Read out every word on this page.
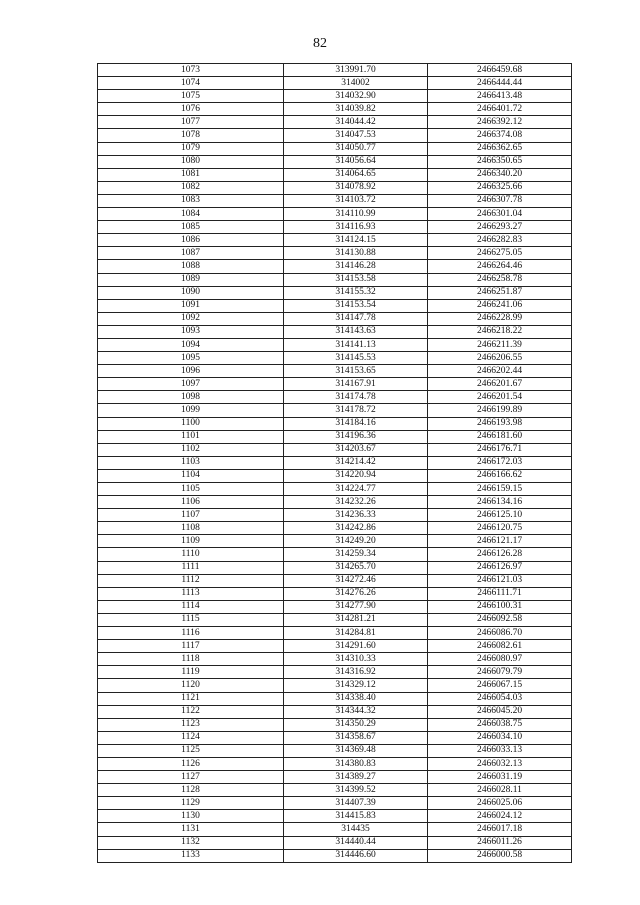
82
1073	313991.70	2466459.68
1074	314002	2466444.44
1075	314032.90	2466413.48
1076	314039.82	2466401.72
1077	314044.42	2466392.12
1078	314047.53	2466374.08
1079	314050.77	2466362.65
1080	314056.64	2466350.65
1081	314064.65	2466340.20
1082	314078.92	2466325.66
1083	314103.72	2466307.78
1084	314110.99	2466301.04
1085	314116.93	2466293.27
1086	314124.15	2466282.83
1087	314130.88	2466275.05
1088	314146.28	2466264.46
1089	314153.58	2466258.78
1090	314155.32	2466251.87
1091	314153.54	2466241.06
1092	314147.78	2466228.99
1093	314143.63	2466218.22
1094	314141.13	2466211.39
1095	314145.53	2466206.55
1096	314153.65	2466202.44
1097	314167.91	2466201.67
1098	314174.78	2466201.54
1099	314178.72	2466199.89
1100	314184.16	2466193.98
1101	314196.36	2466181.60
1102	314203.67	2466176.71
1103	314214.42	2466172.03
1104	314220.94	2466166.62
1105	314224.77	2466159.15
1106	314232.26	2466134.16
1107	314236.33	2466125.10
1108	314242.86	2466120.75
1109	314249.20	2466121.17
1110	314259.34	2466126.28
1111	314265.70	2466126.97
1112	314272.46	2466121.03
1113	314276.26	2466111.71
1114	314277.90	2466100.31
1115	314281.21	2466092.58
1116	314284.81	2466086.70
1117	314291.60	2466082.61
1118	314310.33	2466080.97
1119	314316.92	2466079.79
1120	314329.12	2466067.15
1121	314338.40	2466054.03
1122	314344.32	2466045.20
1123	314350.29	2466038.75
1124	314358.67	2466034.10
1125	314369.48	2466033.13
1126	314380.83	2466032.13
1127	314389.27	2466031.19
1128	314399.52	2466028.11
1129	314407.39	2466025.06
1130	314415.83	2466024.12
1131	314435	2466017.18
1132	314440.44	2466011.26
1133	314446.60	2466000.58
